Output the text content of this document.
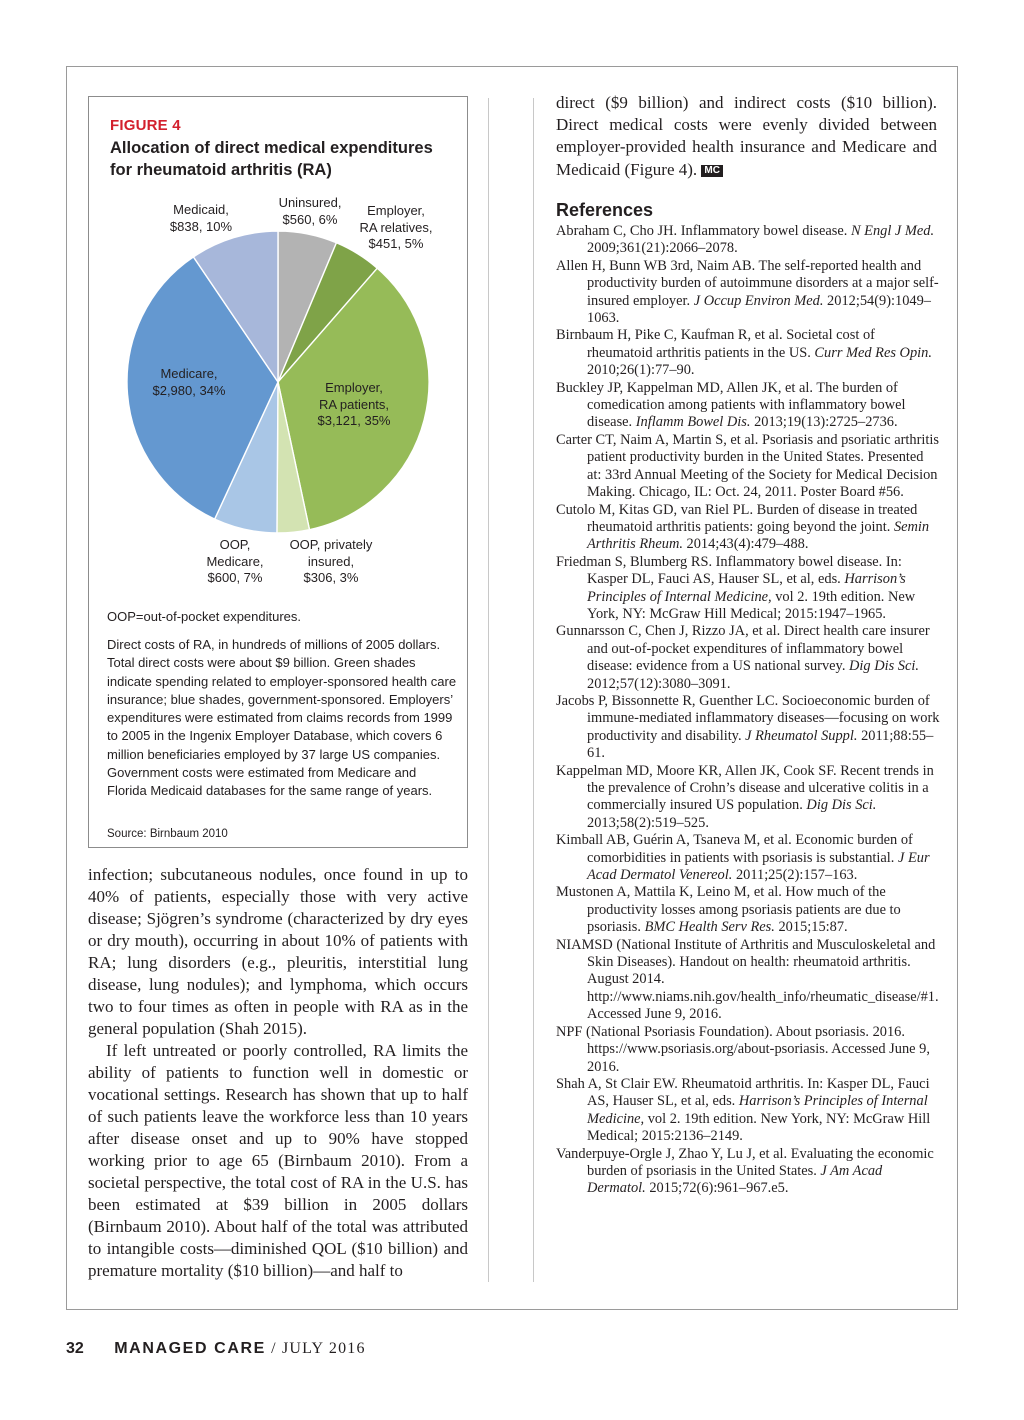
FIGURE 4
Allocation of direct medical expenditures for rheumatoid arthritis (RA)
Uninsured,
$560, 6%
Employer,
RA relatives,
$451, 5%
Employer,
RA patients,
$3,121, 35%
OOP, privately
insured,
$306, 3%
OOP,
Medicare,
$600, 7%
Medicare,
$2,980, 34%
Medicaid,
$838, 10%
OOP=out-of-pocket expenditures.
Direct costs of RA, in hundreds of millions of 2005 dollars. Total direct costs were about $9 billion. Green shades indicate spending related to employer-sponsored health care insurance; blue shades, government-sponsored. Employers’ expenditures were estimated from claims records from 1999 to 2005 in the Ingenix Employer Database, which covers 6 million beneficiaries employed by 37 large US companies. Government costs were estimated from Medicare and Florida Medicaid databases for the same range of years.
Source: Birnbaum 2010

infection; subcutaneous nodules, once found in up to 40% of patients, especially those with very active disease; Sjögren’s syndrome (characterized by dry eyes or dry mouth), occurring in about 10% of patients with RA; lung disorders (e.g., pleuritis, interstitial lung disease, lung nodules); and lymphoma, which occurs two to four times as often in people with RA as in the general population (Shah 2015).

If left untreated or poorly controlled, RA limits the ability of patients to function well in domestic or vocational settings. Research has shown that up to half of such patients leave the workforce less than 10 years after disease onset and up to 90% have stopped working prior to age 65 (Birnbaum 2010). From a societal perspective, the total cost of RA in the U.S. has been estimated at $39 billion in 2005 dollars (Birnbaum 2010). About half of the total was attributed to intangible costs—diminished QOL ($10 billion) and premature mortality ($10 billion)—and half to

direct ($9 billion) and indirect costs ($10 billion). Direct medical costs were evenly divided between employer-provided health insurance and Medicare and Medicaid (Figure 4). MC
References

Abraham C, Cho JH. Inflammatory bowel disease. N Engl J Med. 2009;361(21):2066–2078.

Allen H, Bunn WB 3rd, Naim AB. The self-reported health and productivity burden of autoimmune disorders at a major self-insured employer. J Occup Environ Med. 2012;54(9):1049–1063.

Birnbaum H, Pike C, Kaufman R, et al. Societal cost of rheumatoid arthritis patients in the US. Curr Med Res Opin. 2010;26(1):77–90.

Buckley JP, Kappelman MD, Allen JK, et al. The burden of comedication among patients with inflammatory bowel disease. Inflamm Bowel Dis. 2013;19(13):2725–2736.

Carter CT, Naim A, Martin S, et al. Psoriasis and psoriatic arthritis patient productivity burden in the United States. Presented at: 33rd Annual Meeting of the Society for Medical Decision Making. Chicago, IL: Oct. 24, 2011. Poster Board #56.

Cutolo M, Kitas GD, van Riel PL. Burden of disease in treated rheumatoid arthritis patients: going beyond the joint. Semin Arthritis Rheum. 2014;43(4):479–488.

Friedman S, Blumberg RS. Inflammatory bowel disease. In: Kasper DL, Fauci AS, Hauser SL, et al, eds. Harrison’s Principles of Internal Medicine, vol 2. 19th edition. New York, NY: McGraw Hill Medical; 2015:1947–1965.

Gunnarsson C, Chen J, Rizzo JA, et al. Direct health care insurer and out-of-pocket expenditures of inflammatory bowel disease: evidence from a US national survey. Dig Dis Sci. 2012;57(12):3080–3091.

Jacobs P, Bissonnette R, Guenther LC. Socioeconomic burden of immune-mediated inflammatory diseases—focusing on work productivity and disability. J Rheumatol Suppl. 2011;88:55–61.

Kappelman MD, Moore KR, Allen JK, Cook SF. Recent trends in the prevalence of Crohn’s disease and ulcerative colitis in a commercially insured US population. Dig Dis Sci. 2013;58(2):519–525.

Kimball AB, Guérin A, Tsaneva M, et al. Economic burden of comorbidities in patients with psoriasis is substantial. J Eur Acad Dermatol Venereol. 2011;25(2):157–163.

Mustonen A, Mattila K, Leino M, et al. How much of the productivity losses among psoriasis patients are due to psoriasis. BMC Health Serv Res. 2015;15:87.

NIAMSD (National Institute of Arthritis and Musculoskeletal and Skin Diseases). Handout on health: rheumatoid arthritis. August 2014. http://www.niams.nih.gov/health_info/rheumatic_disease/#1. Accessed June 9, 2016.

NPF (National Psoriasis Foundation). About psoriasis. 2016. https://www.psoriasis.org/about-psoriasis. Accessed June 9, 2016.

Shah A, St Clair EW. Rheumatoid arthritis. In: Kasper DL, Fauci AS, Hauser SL, et al, eds. Harrison’s Principles of Internal Medicine, vol 2. 19th edition. New York, NY: McGraw Hill Medical; 2015:2136–2149.

Vanderpuye-Orgle J, Zhao Y, Lu J, et al. Evaluating the economic burden of psoriasis in the United States. J Am Acad Dermatol. 2015;72(6):961–967.e5.

32 MANAGED CARE / JULY 2016
